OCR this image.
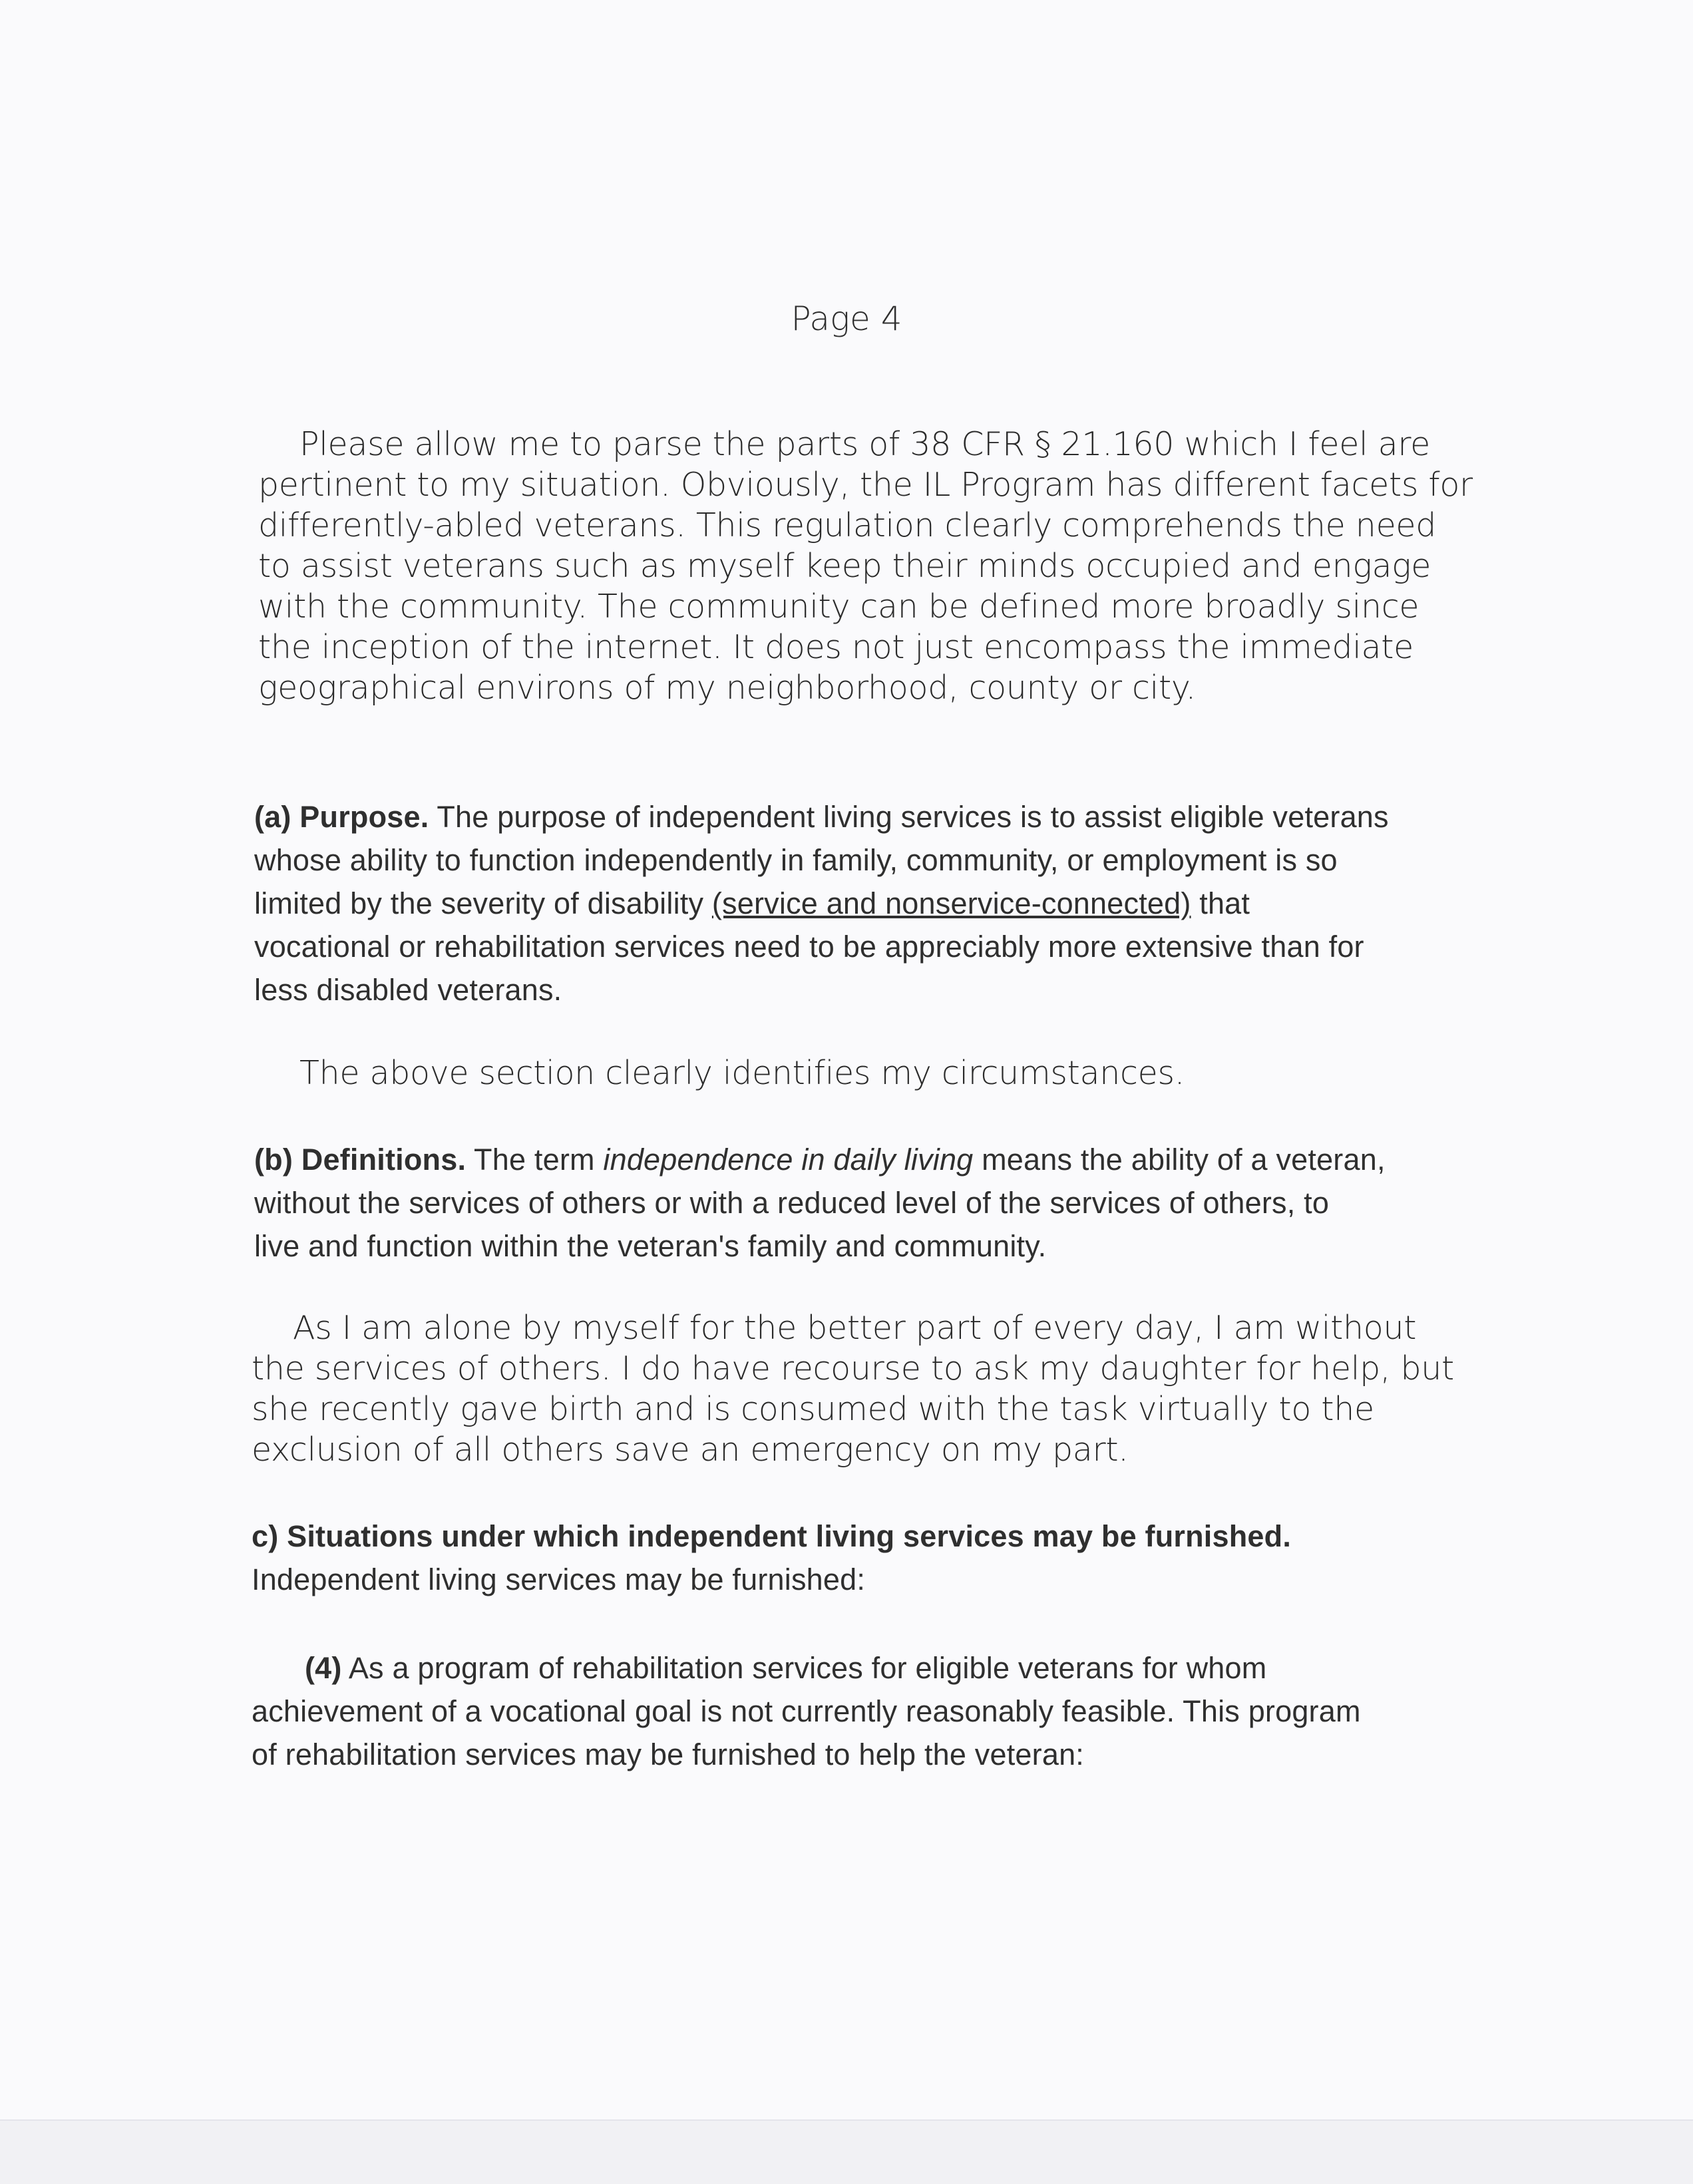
Page 4
Please allow me to parse the parts of 38 CFR § 21.160 which I feel are
pertinent to my situation. Obviously, the IL Program has different facets for
differently-abled veterans. This regulation clearly comprehends the need
to assist veterans such as myself keep their minds occupied and engage
with the community. The community can be defined more broadly since
the inception of the internet. It does not just encompass the immediate
geographical environs of my neighborhood, county or city.
(a) Purpose. The purpose of independent living services is to assist eligible veterans
whose ability to function independently in family, community, or employment is so
limited by the severity of disability (service and nonservice-connected) that
vocational or rehabilitation services need to be appreciably more extensive than for
less disabled veterans.
The above section clearly identifies my circumstances.
(b) Definitions. The term independence in daily living means the ability of a veteran,
without the services of others or with a reduced level of the services of others, to
live and function within the veteran's family and community.
As I am alone by myself for the better part of every day, I am without
the services of others. I do have recourse to ask my daughter for help, but
she recently gave birth and is consumed with the task virtually to the
exclusion of all others save an emergency on my part.
c) Situations under which independent living services may be furnished.
Independent living services may be furnished:
(4) As a program of rehabilitation services for eligible veterans for whom
achievement of a vocational goal is not currently reasonably feasible. This program
of rehabilitation services may be furnished to help the veteran:
